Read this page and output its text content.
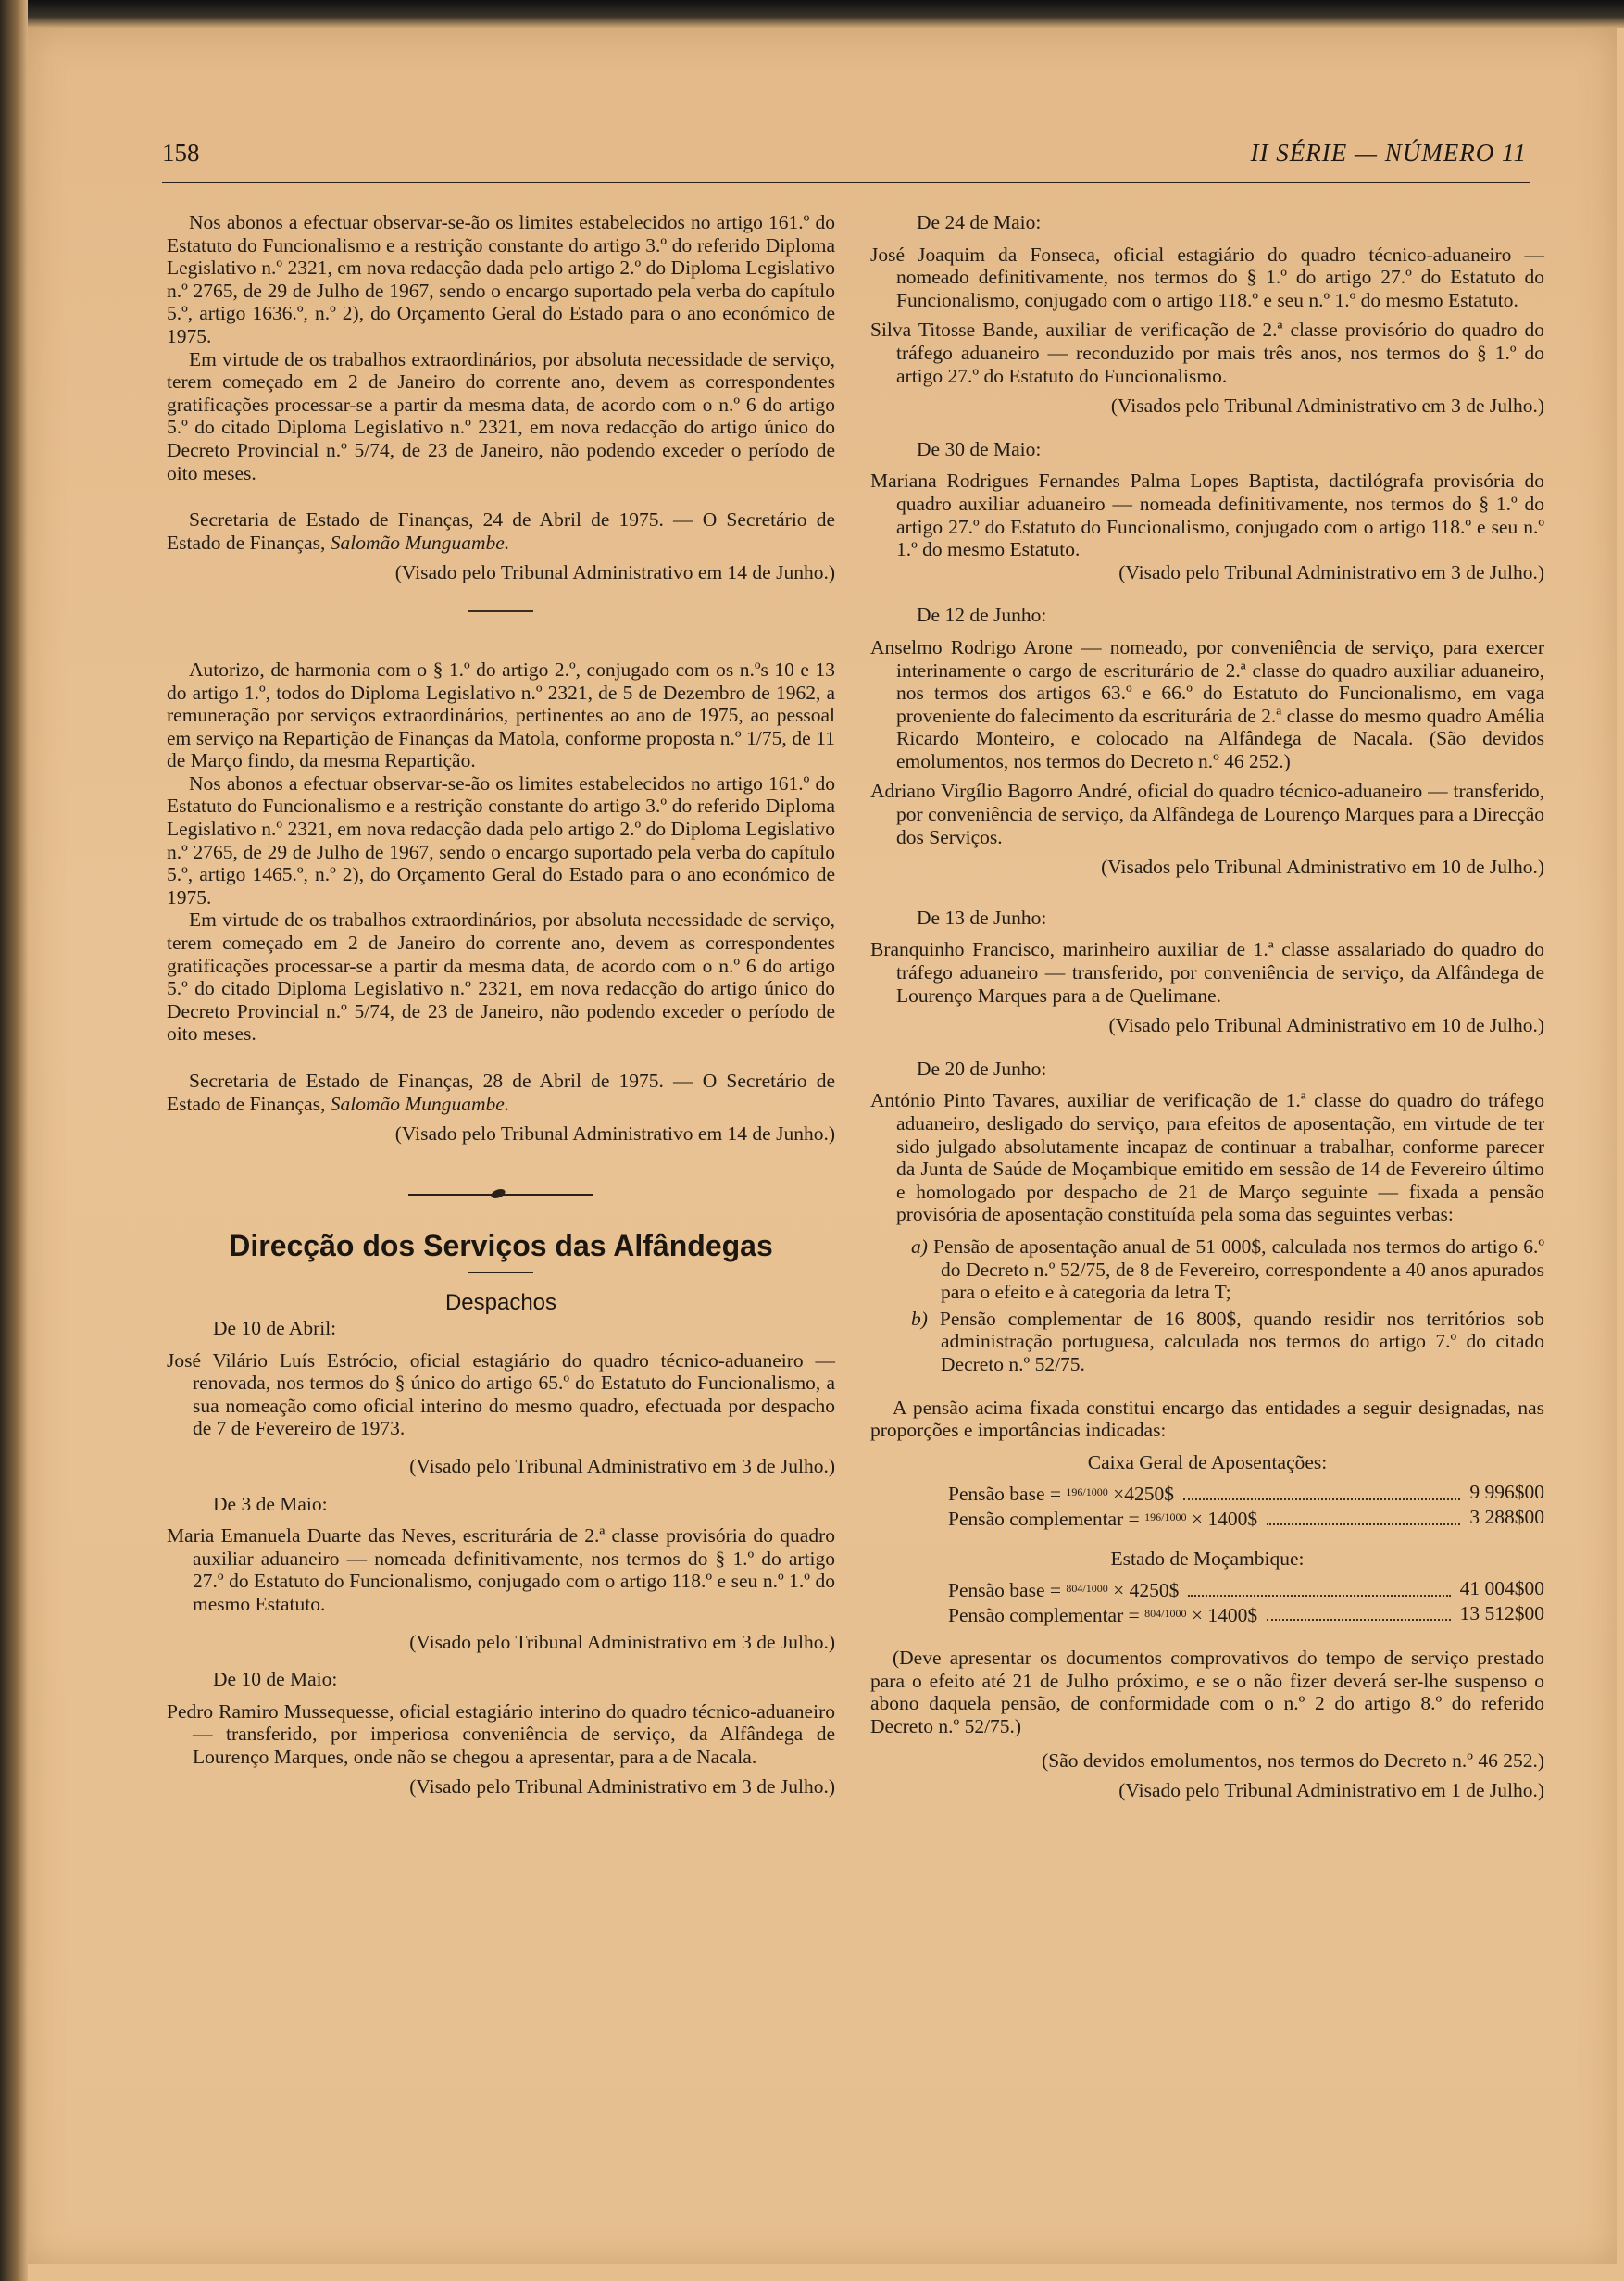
158	II SÉRIE — NÚMERO 11

Nos abonos a efectuar observar-se-ão os limites estabelecidos no artigo 161.º do Estatuto do Funcionalismo e a restrição constante do artigo 3.º do referido Diploma Legislativo n.º 2321, em nova redacção dada pelo artigo 2.º do Diploma Legislativo n.º 2765, de 29 de Julho de 1967, sendo o encargo suportado pela verba do capítulo 5.º, artigo 1636.º, n.º 2), do Orçamento Geral do Estado para o ano económico de 1975.

Em virtude de os trabalhos extraordinários, por absoluta necessidade de serviço, terem começado em 2 de Janeiro do corrente ano, devem as correspondentes gratificações processar-se a partir da mesma data, de acordo com o n.º 6 do artigo 5.º do citado Diploma Legislativo n.º 2321, em nova redacção do artigo único do Decreto Provincial n.º 5/74, de 23 de Janeiro, não podendo exceder o período de oito meses.

Secretaria de Estado de Finanças, 24 de Abril de 1975. — O Secretário de Estado de Finanças, Salomão Munguambe.

(Visado pelo Tribunal Administrativo em 14 de Junho.)

Autorizo, de harmonia com o § 1.º do artigo 2.º, conjugado com os n.ºs 10 e 13 do artigo 1.º, todos do Diploma Legislativo n.º 2321, de 5 de Dezembro de 1962, a remuneração por serviços extraordinários, pertinentes ao ano de 1975, ao pessoal em serviço na Repartição de Finanças da Matola, conforme proposta n.º 1/75, de 11 de Março findo, da mesma Repartição.

Nos abonos a efectuar observar-se-ão os limites estabelecidos no artigo 161.º do Estatuto do Funcionalismo e a restrição constante do artigo 3.º do referido Diploma Legislativo n.º 2321, em nova redacção dada pelo artigo 2.º do Diploma Legislativo n.º 2765, de 29 de Julho de 1967, sendo o encargo suportado pela verba do capítulo 5.º, artigo 1465.º, n.º 2), do Orçamento Geral do Estado para o ano económico de 1975.

Em virtude de os trabalhos extraordinários, por absoluta necessidade de serviço, terem começado em 2 de Janeiro do corrente ano, devem as correspondentes gratificações processar-se a partir da mesma data, de acordo com o n.º 6 do artigo 5.º do citado Diploma Legislativo n.º 2321, em nova redacção do artigo único do Decreto Provincial n.º 5/74, de 23 de Janeiro, não podendo exceder o período de oito meses.

Secretaria de Estado de Finanças, 28 de Abril de 1975. — O Secretário de Estado de Finanças, Salomão Munguambe.

(Visado pelo Tribunal Administrativo em 14 de Junho.)

Direcção dos Serviços das Alfândegas
Despachos

De 10 de Abril:

José Vilário Luís Estrócio, oficial estagiário do quadro técnico-aduaneiro — renovada, nos termos do § único do artigo 65.º do Estatuto do Funcionalismo, a sua nomeação como oficial interino do mesmo quadro, efectuada por despacho de 7 de Fevereiro de 1973.

(Visado pelo Tribunal Administrativo em 3 de Julho.)

De 3 de Maio:

Maria Emanuela Duarte das Neves, escriturária de 2.ª classe provisória do quadro auxiliar aduaneiro — nomeada definitivamente, nos termos do § 1.º do artigo 27.º do Estatuto do Funcionalismo, conjugado com o artigo 118.º e seu n.º 1.º do mesmo Estatuto.

(Visado pelo Tribunal Administrativo em 3 de Julho.)

De 10 de Maio:

Pedro Ramiro Mussequesse, oficial estagiário interino do quadro técnico-aduaneiro — transferido, por imperiosa conveniência de serviço, da Alfândega de Lourenço Marques, onde não se chegou a apresentar, para a de Nacala.

(Visado pelo Tribunal Administrativo em 3 de Julho.)

De 24 de Maio:

José Joaquim da Fonseca, oficial estagiário do quadro técnico-aduaneiro — nomeado definitivamente, nos termos do § 1.º do artigo 27.º do Estatuto do Funcionalismo, conjugado com o artigo 118.º e seu n.º 1.º do mesmo Estatuto.

Silva Titosse Bande, auxiliar de verificação de 2.ª classe provisório do quadro do tráfego aduaneiro — reconduzido por mais três anos, nos termos do § 1.º do artigo 27.º do Estatuto do Funcionalismo.

(Visados pelo Tribunal Administrativo em 3 de Julho.)

De 30 de Maio:

Mariana Rodrigues Fernandes Palma Lopes Baptista, dactilógrafa provisória do quadro auxiliar aduaneiro — nomeada definitivamente, nos termos do § 1.º do artigo 27.º do Estatuto do Funcionalismo, conjugado com o artigo 118.º e seu n.º 1.º do mesmo Estatuto.

(Visado pelo Tribunal Administrativo em 3 de Julho.)

De 12 de Junho:

Anselmo Rodrigo Arone — nomeado, por conveniência de serviço, para exercer interinamente o cargo de escriturário de 2.ª classe do quadro auxiliar aduaneiro, nos termos dos artigos 63.º e 66.º do Estatuto do Funcionalismo, em vaga proveniente do falecimento da escriturária de 2.ª classe do mesmo quadro Amélia Ricardo Monteiro, e colocado na Alfândega de Nacala. (São devidos emolumentos, nos termos do Decreto n.º 46 252.)

Adriano Virgílio Bagorro André, oficial do quadro técnico-aduaneiro — transferido, por conveniência de serviço, da Alfândega de Lourenço Marques para a Direcção dos Serviços.

(Visados pelo Tribunal Administrativo em 10 de Julho.)

De 13 de Junho:

Branquinho Francisco, marinheiro auxiliar de 1.ª classe assalariado do quadro do tráfego aduaneiro — transferido, por conveniência de serviço, da Alfândega de Lourenço Marques para a de Quelimane.

(Visado pelo Tribunal Administrativo em 10 de Julho.)

De 20 de Junho:

António Pinto Tavares, auxiliar de verificação de 1.ª classe do quadro do tráfego aduaneiro, desligado do serviço, para efeitos de aposentação, em virtude de ter sido julgado absolutamente incapaz de continuar a trabalhar, conforme parecer da Junta de Saúde de Moçambique emitido em sessão de 14 de Fevereiro último e homologado por despacho de 21 de Março seguinte — fixada a pensão provisória de aposentação constituída pela soma das seguintes verbas:

a) Pensão de aposentação anual de 51 000$, calculada nos termos do artigo 6.º do Decreto n.º 52/75, de 8 de Fevereiro, correspondente a 40 anos apurados para o efeito e à categoria da letra T;

b) Pensão complementar de 16 800$, quando residir nos territórios sob administração portuguesa, calculada nos termos do artigo 7.º do citado Decreto n.º 52/75.

A pensão acima fixada constitui encargo das entidades a seguir designadas, nas proporções e importâncias indicadas:

Caixa Geral de Aposentações:

Pensão base = $^{196/1000}$ ×4250$	9 996$00
Pensão complementar = $^{196/1000}$ × 1400$	3 288$00

Estado de Moçambique:

Pensão base = $^{804/1000}$ × 4250$	41 004$00
Pensão complementar = $^{804/1000}$ × 1400$	13 512$00

(Deve apresentar os documentos comprovativos do tempo de serviço prestado para o efeito até 21 de Julho próximo, e se o não fizer deverá ser-lhe suspenso o abono daquela pensão, de conformidade com o n.º 2 do artigo 8.º do referido Decreto n.º 52/75.)

(São devidos emolumentos, nos termos do Decreto n.º 46 252.)

(Visado pelo Tribunal Administrativo em 1 de Julho.)
